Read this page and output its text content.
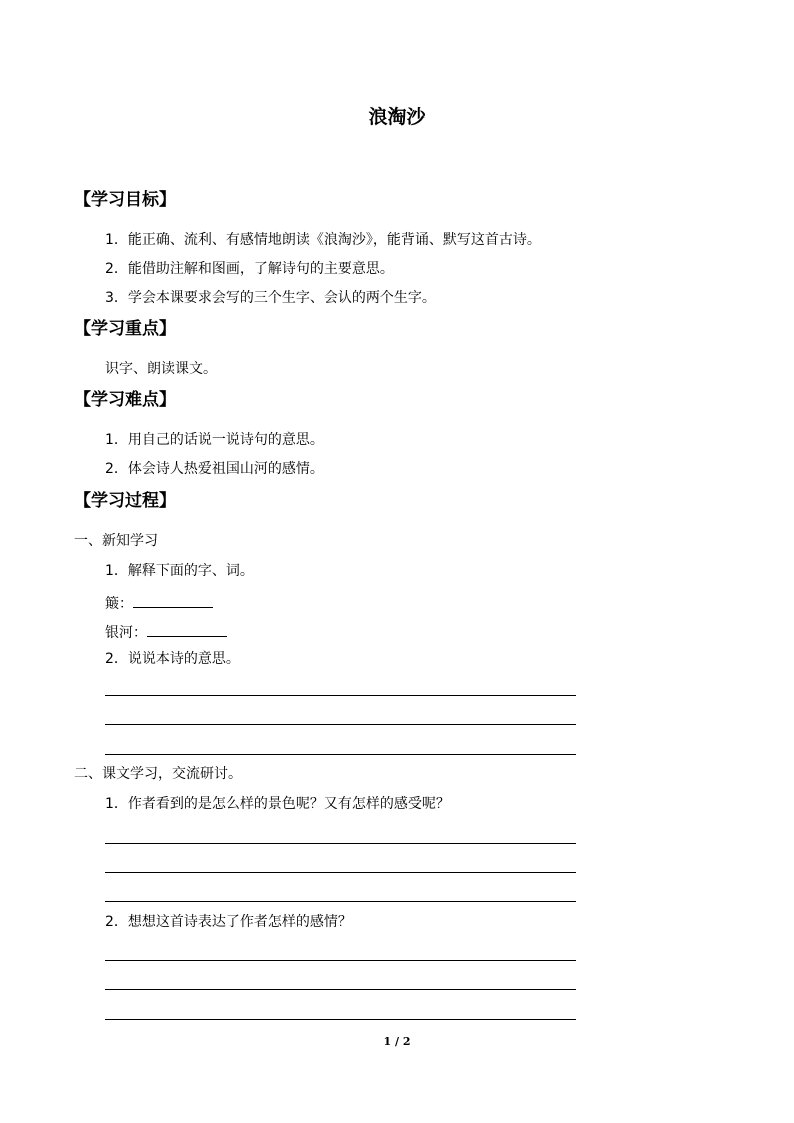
浪淘沙
【学习目标】
1．能正确、流利、有感情地朗读《浪淘沙》，能背诵、默写这首古诗。
2．能借助注解和图画，了解诗句的主要意思。
3．学会本课要求会写的三个生字、会认的两个生字。
【学习重点】
识字、朗读课文。
【学习难点】
1．用自己的话说一说诗句的意思。
2．体会诗人热爱祖国山河的感情。
【学习过程】
一、新知学习
1．解释下面的字、词。
簸：
银河：
2．说说本诗的意思。
二、课文学习，交流研讨。
1．作者看到的是怎么样的景色呢？又有怎样的感受呢？
2．想想这首诗表达了作者怎样的感情？
1 / 2
